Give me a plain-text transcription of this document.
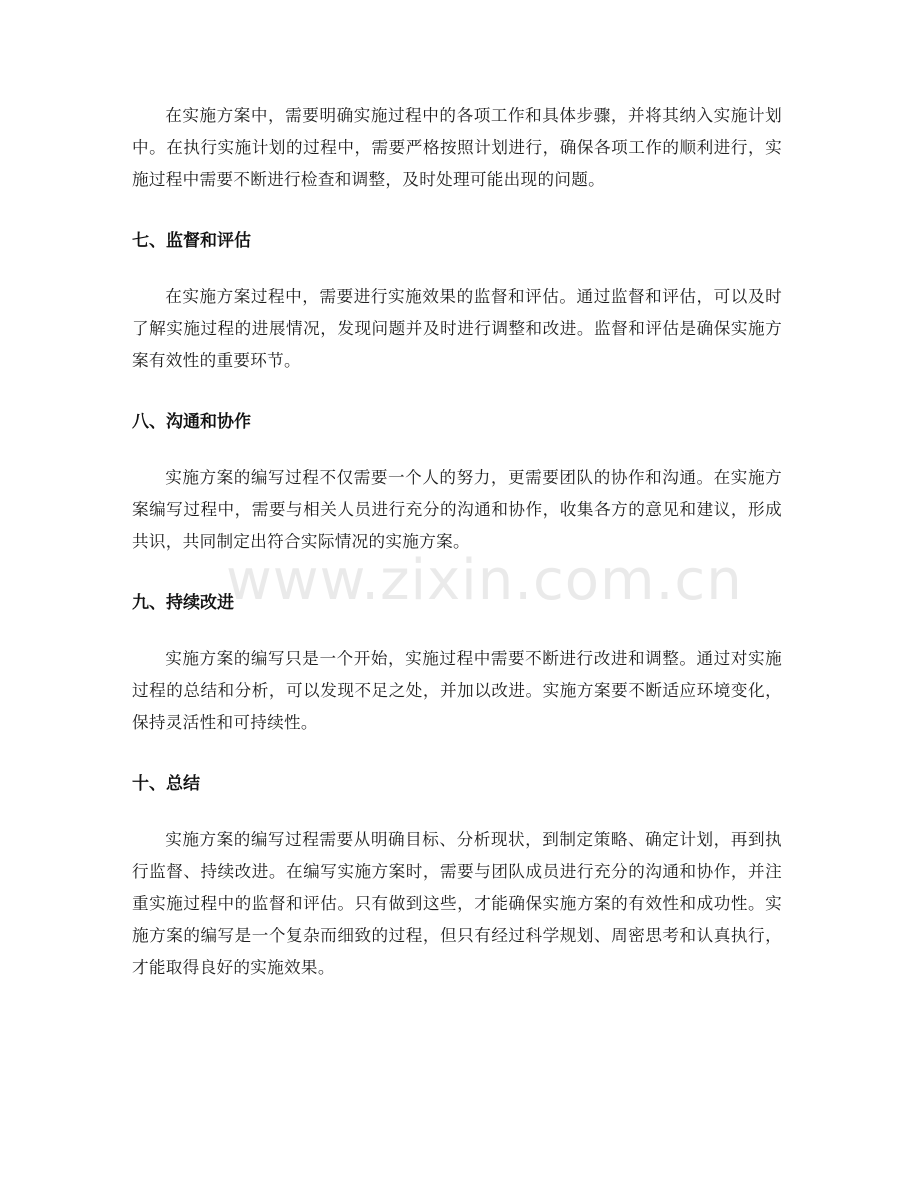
在实施方案中，需要明确实施过程中的各项工作和具体步骤，并将其纳入实施计划中。在执行实施计划的过程中，需要严格按照计划进行，确保各项工作的顺利进行，实施过程中需要不断进行检查和调整，及时处理可能出现的问题。

七、监督和评估

在实施方案过程中，需要进行实施效果的监督和评估。通过监督和评估，可以及时了解实施过程的进展情况，发现问题并及时进行调整和改进。监督和评估是确保实施方案有效性的重要环节。

八、沟通和协作

实施方案的编写过程不仅需要一个人的努力，更需要团队的协作和沟通。在实施方案编写过程中，需要与相关人员进行充分的沟通和协作，收集各方的意见和建议，形成共识，共同制定出符合实际情况的实施方案。

九、持续改进

实施方案的编写只是一个开始，实施过程中需要不断进行改进和调整。通过对实施过程的总结和分析，可以发现不足之处，并加以改进。实施方案要不断适应环境变化，保持灵活性和可持续性。

十、总结

实施方案的编写过程需要从明确目标、分析现状，到制定策略、确定计划，再到执行监督、持续改进。在编写实施方案时，需要与团队成员进行充分的沟通和协作，并注重实施过程中的监督和评估。只有做到这些，才能确保实施方案的有效性和成功性。实施方案的编写是一个复杂而细致的过程，但只有经过科学规划、周密思考和认真执行，才能取得良好的实施效果。

www.zixin.com.cn
